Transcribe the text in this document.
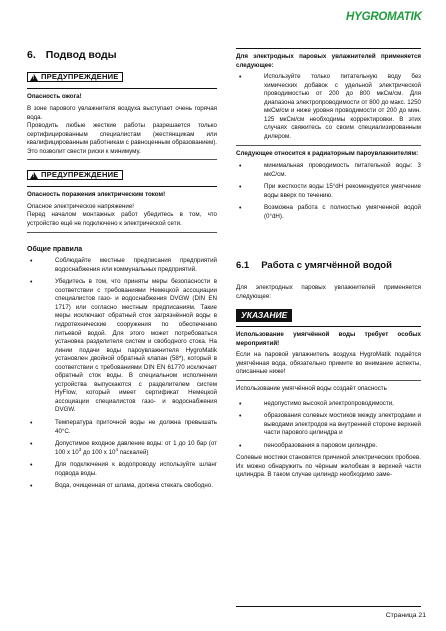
HYGROMATIK
6. Подвод воды
!
ПРЕДУПРЕЖДЕНИЕ

Опасность ожога!

В зоне парового увлажнителя воздуха выступает очень горячая вода.

Проводить любые жесткие работы разрешается только сертифицированным специалистам (жестянщикам или квалифицированным работникам с равноценным образованием). Это позволит свести риски к минимуму.

!
ПРЕДУПРЕЖДЕНИЕ

Опасность поражения электрическим током!

Опасное электрическое напряжение!

Перед началом монтажных работ убедитесь в том, что устройство ещё не подключено к электрической сети.

Общие правила
• Соблюдайте местные предписания предприятий водоснабжения или коммунальных предприятий.
• Убедитесь в том, что приняты меры безопасности в соответствии с требованиями Немецкой ассоциации специалистов газо- и водоснабжения DVGW (DIN EN 1717) или согласно местным предписаниям. Такие меры исключают обратный сток загрязнённой воды в гидротехнические сооружения по обеспечению питьевой водой. Для этого может потребоваться установка разделителя систем и свободного стока. На линии подачи воды пароувлажнителя HygroMatik установлен двойной обратный клапан (58*), который в соответствии с требованиями DIN EN 61770 исключает обратный сток воды. В специальном исполнении устройства выпускаются с разделителем систем HyFlow, который имеет сертификат Немецкой ассоциации специалистов газо- и водоснабжения DVGW.
• Температура приточной воды не должна превышать 40°C.
• Допустимое входное давление воды: от 1 до 10 бар (от 100 x $10^3$ до 100 x $10^4$ паскалей)
• Для подключения к водопроводу используйте шланг подвода воды.
• Вода, очищенная от шлама, должна стекать свободно.

Для электродных паровых увлажнителей применяется следующее:

• Используйте только питательную воду без химических добавок с удельной электрической проводимостью от 200 до 800 мкСм/см. Для диапазона электропроводимости от 800 до макс. 1250 мкСм/см и ниже уровня проводимости от 200 до мин. 125 мкСм/см необходимы корректировки. В этих случаях свяжитесь со своим специализированным дилером.

Следующее относится к радиаторным пароувлажнителям:

• минимальная проводимость питательной воды: 3 мкС/см.
• При жесткости воды 15°dH рекомендуется умягчение воды вверх по течению.
• Возможна работа с полностью умягченной водой (0°dH).
6.1 Работа с умягчённой водой

Для электродных паровых увлажнителей применяется следующее:

УКАЗАНИЕ

Использование умягчённой воды требует особых мероприятий!

Если на паровой увлажнитель воздуха HygroMatik подаётся умягчённая вода, обязательно примите во внимание аспекты, описанные ниже!

Использование умягчённой воды создаёт опасность

• недопустимо высокой электропроводимости,
• образования солевых мостиков между электродами и выводами электродов на внутренней стороне верхней части парового цилиндра и
• пенообразования в паровом цилиндре.

Солевые мостики становятся причиной электрических пробоев. Их можно обнаружить по чёрным желобкам в верхней части цилиндра. В таком случае цилиндр необходимо заме-

Страница 21
